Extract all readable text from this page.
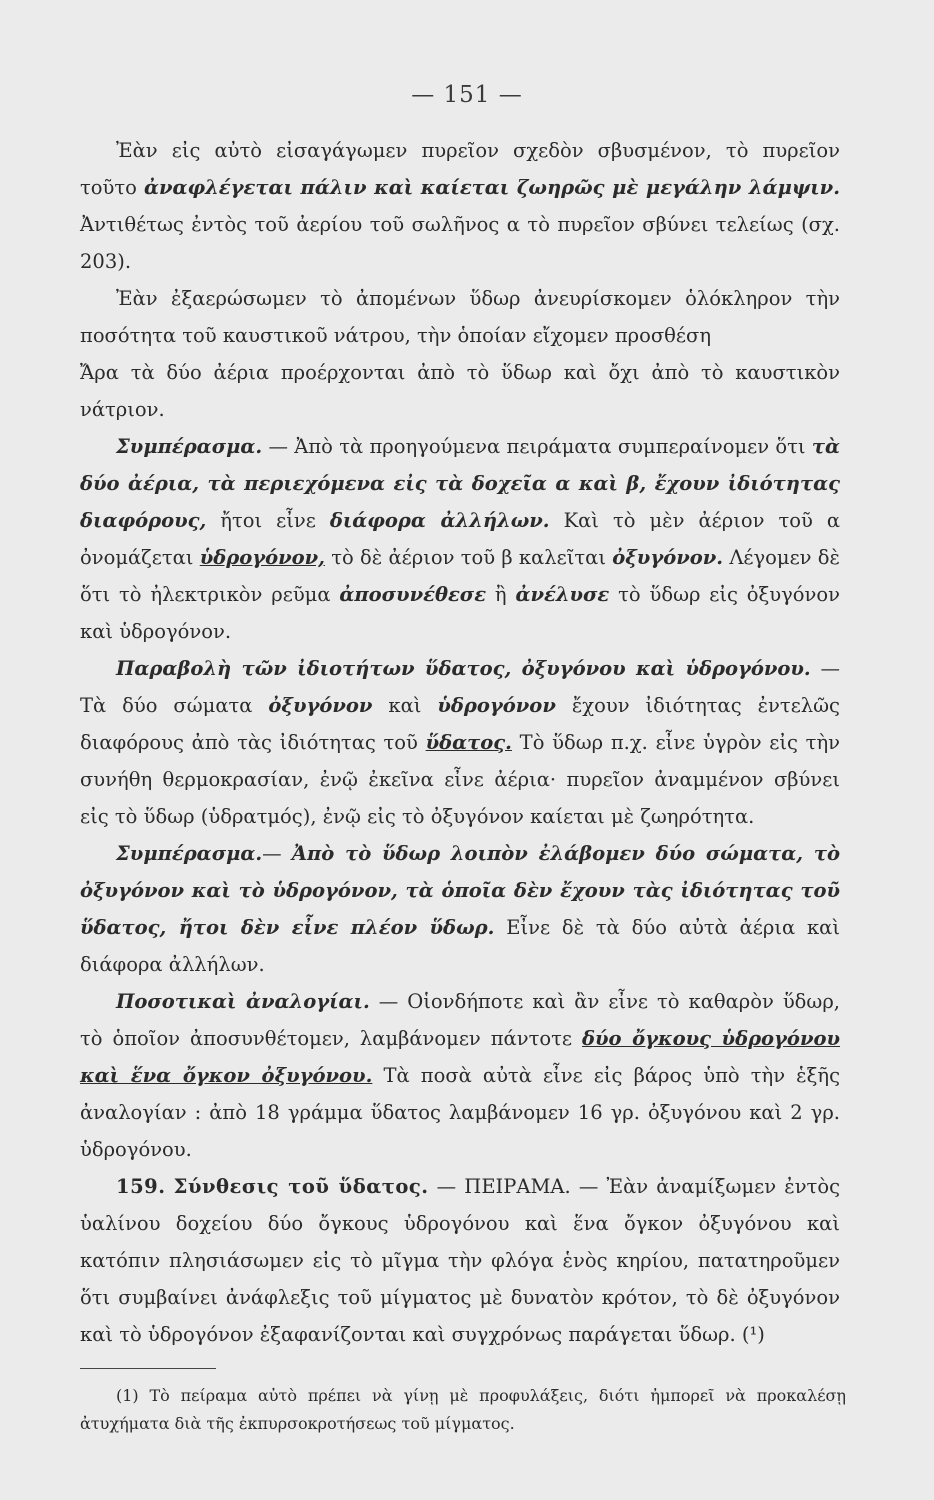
— 151 —

Ἐὰν εἰς αὐτὸ εἰσαγάγωμεν πυρεῖον σχεδὸν σβυσμένον, τὸ πυρεῖον τοῦτο ἀναφλέγεται πάλιν καὶ καίεται ζωηρῶς μὲ μεγάλην λάμψιν. Ἀντιθέτως ἐντὸς τοῦ ἀερίου τοῦ σωλῆνος α τὸ πυρεῖον σβύνει τελείως (σχ. 203).

Ἐὰν ἐξαερώσωμεν τὸ ἀπομένων ὕδωρ ἀνευρίσκομεν ὁλόκληρον τὴν ποσότητα τοῦ καυστικοῦ νάτρου, τὴν ὁποίαν εἴχομεν προσθέση

Ἄρα τὰ δύο ἀέρια προέρχονται ἀπὸ τὸ ὕδωρ καὶ ὄχι ἀπὸ τὸ καυστικὸν νάτριον.

Συμπέρασμα. — Ἀπὸ τὰ προηγούμενα πειράματα συμπεραίνομεν ὅτι τὰ δύο ἀέρια, τὰ περιεχόμενα εἰς τὰ δοχεῖα α καὶ β, ἔχουν ἰδιότητας διαφόρους, ἤτοι εἶνε διάφορα ἀλλήλων. Καὶ τὸ μὲν ἀέριον τοῦ α ὀνομάζεται ὑδρογόνον, τὸ δὲ ἀέριον τοῦ β καλεῖται ὀξυγόνον. Λέγομεν δὲ ὅτι τὸ ἠλεκτρικὸν ρεῦμα ἀποσυνέθεσε ἢ ἀνέλυσε τὸ ὕδωρ εἰς ὀξυγόνον καὶ ὑδρογόνον.

Παραβολὴ τῶν ἰδιοτήτων ὕδατος, ὀξυγόνου καὶ ὑδρογόνου. — Τὰ δύο σώματα ὀξυγόνον καὶ ὑδρογόνον ἔχουν ἰδιότητας ἐντελῶς διαφόρους ἀπὸ τὰς ἰδιότητας τοῦ ὕδατος. Τὸ ὕδωρ π.χ. εἶνε ὑγρὸν εἰς τὴν συνήθη θερμοκρασίαν, ἐνῷ ἐκεῖνα εἶνε ἀέρια· πυρεῖον ἀναμμένον σβύνει εἰς τὸ ὕδωρ (ὑδρατμός), ἐνῷ εἰς τὸ ὀξυγόνον καίεται μὲ ζωηρότητα.

Συμπέρασμα.— Ἀπὸ τὸ ὕδωρ λοιπὸν ἐλάβομεν δύο σώματα, τὸ ὀξυγόνον καὶ τὸ ὑδρογόνον, τὰ ὁποῖα δὲν ἔχουν τὰς ἰδιότητας τοῦ ὕδατος, ἤτοι δὲν εἶνε πλέον ὕδωρ. Εἶνε δὲ τὰ δύο αὐτὰ ἀέρια καὶ διάφορα ἀλλήλων.

Ποσοτικαὶ ἀναλογίαι. — Οἱονδήποτε καὶ ἂν εἶνε τὸ καθαρὸν ὕδωρ, τὸ ὁποῖον ἀποσυνθέτομεν, λαμβάνομεν πάντοτε δύο ὄγκους ὑδρογόνου καὶ ἕνα ὄγκον ὀξυγόνου. Τὰ ποσὰ αὐτὰ εἶνε εἰς βάρος ὑπὸ τὴν ἑξῆς ἀναλογίαν : ἀπὸ 18 γράμμα ὕδατος λαμβάνομεν 16 γρ. ὀξυγόνου καὶ 2 γρ. ὑδρογόνου.

159. Σύνθεσις τοῦ ὕδατος. — ΠΕΙΡΑΜΑ. — Ἐὰν ἀναμίξωμεν ἐντὸς ὑαλίνου δοχείου δύο ὄγκους ὑδρογόνου καὶ ἕνα ὄγκον ὀξυγόνου καὶ κατόπιν πλησιάσωμεν εἰς τὸ μῖγμα τὴν φλόγα ἑνὸς κηρίου, πατατηροῦμεν ὅτι συμβαίνει ἀνάφλεξις τοῦ μίγματος μὲ δυνατὸν κρότον, τὸ δὲ ὀξυγόνον καὶ τὸ ὑδρογόνον ἐξαφανίζονται καὶ συγχρόνως παράγεται ὕδωρ. (¹)

(1) Τὸ πείραμα αὐτὸ πρέπει νὰ γίνῃ μὲ προφυλάξεις, διότι ἠμπορεῖ νὰ προκαλέσῃ ἀτυχήματα διὰ τῆς ἐκπυρσοκροτήσεως τοῦ μίγματος.
